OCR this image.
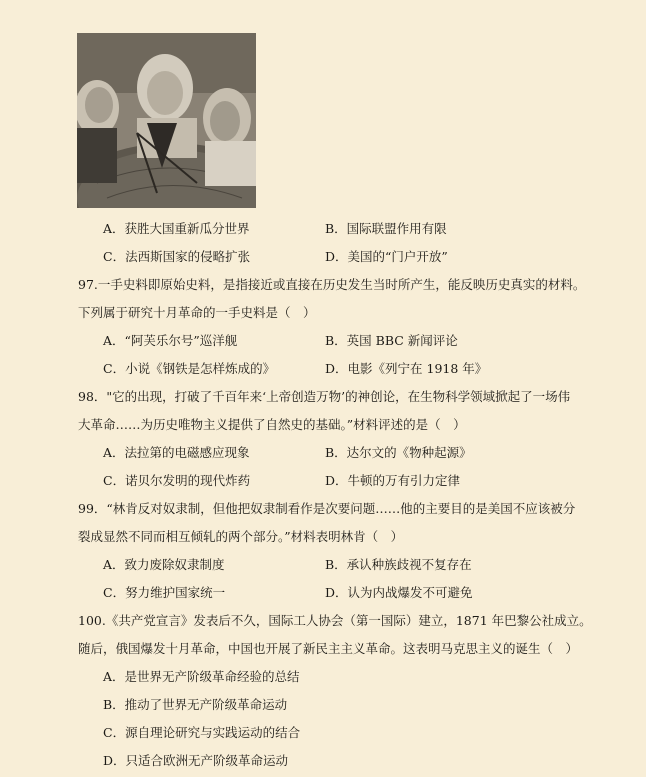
A．获胜大国重新瓜分世界	B．国际联盟作用有限
C．法西斯国家的侵略扩张	D．美国的“门户开放”
97.一手史料即原始史料，是指接近或直接在历史发生当时所产生，能反映历史真实的材料。
下列属于研究十月革命的一手史料是（　）
A．“阿芙乐尔号”巡洋舰	B．英国 BBC 新闻评论
C．小说《钢铁是怎样炼成的》	D．电影《列宁在 1918 年》
98．"它的出现，打破了千百年来‘上帝创造万物’的神创论，在生物科学领域掀起了一场伟
大革命……为历史唯物主义提供了自然史的基础。”材料评述的是（　）
A．法拉第的电磁感应现象	B．达尔文的《物种起源》
C．诺贝尔发明的现代炸药	D．牛顿的万有引力定律
99．“林肯反对奴隶制，但他把奴隶制看作是次要问题……他的主要目的是美国不应该被分
裂成显然不同而相互倾轧的两个部分。”材料表明林肯（　）
A．致力废除奴隶制度	B．承认种族歧视不复存在
C．努力维护国家统一	D．认为内战爆发不可避免
100.《共产党宣言》发表后不久，国际工人协会（第一国际）建立，1871 年巴黎公社成立。
随后，俄国爆发十月革命，中国也开展了新民主主义革命。这表明马克思主义的诞生（　）
A．是世界无产阶级革命经验的总结
B．推动了世界无产阶级革命运动
C．源自理论研究与实践运动的结合
D．只适合欧洲无产阶级革命运动
